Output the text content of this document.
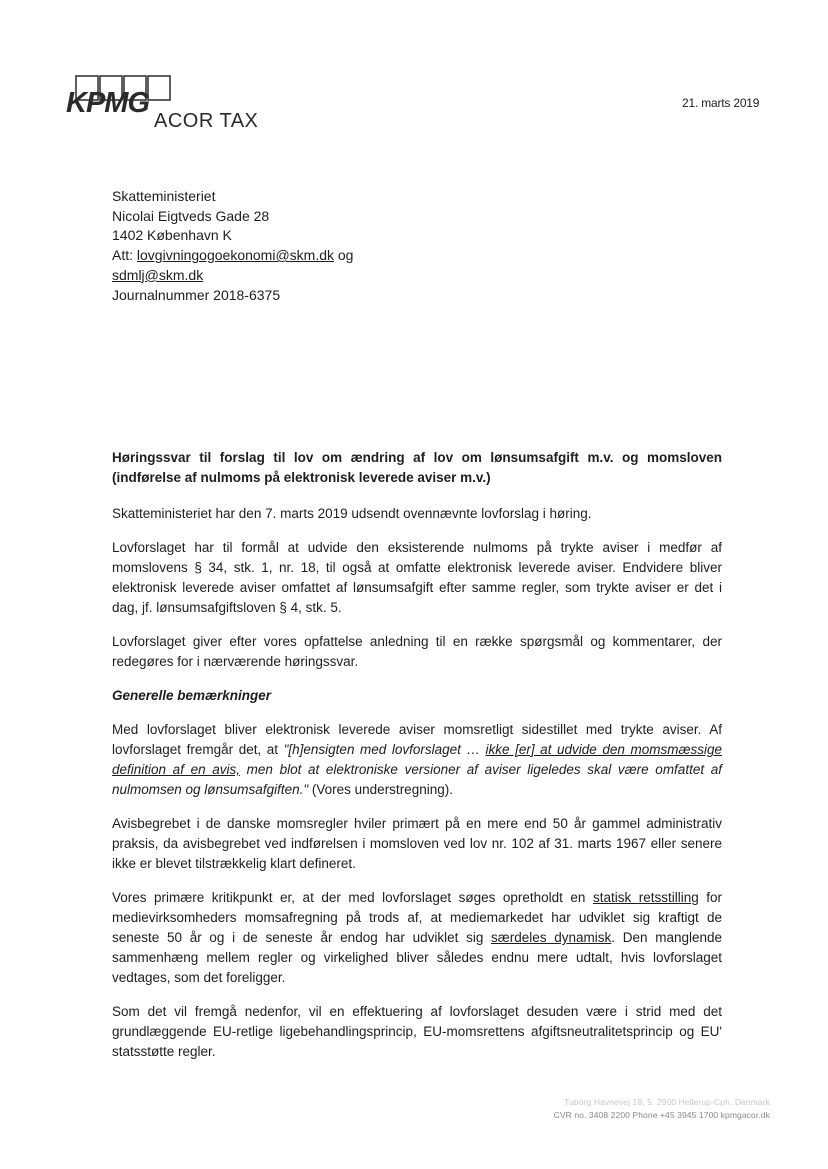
KPMG
ACOR TAX
21. marts 2019
Skatteministeriet
Nicolai Eigtveds Gade 28
1402 København K
Att: lovgivningogoekonomi@skm.dk og
sdmlj@skm.dk
Journalnummer 2018-6375

Høringssvar til forslag til lov om ændring af lov om lønsumsafgift m.v. og momsloven (indførelse af nulmoms på elektronisk leverede aviser m.v.)

Skatteministeriet har den 7. marts 2019 udsendt ovennævnte lovforslag i høring.

Lovforslaget har til formål at udvide den eksisterende nulmoms på trykte aviser i medfør af momslovens § 34, stk. 1, nr. 18, til også at omfatte elektronisk leverede aviser. Endvidere bliver elektronisk leverede aviser omfattet af lønsumsafgift efter samme regler, som trykte aviser er det i dag, jf. lønsumsafgiftsloven § 4, stk. 5.

Lovforslaget giver efter vores opfattelse anledning til en række spørgsmål og kommentarer, der redegøres for i nærværende høringssvar.

Generelle bemærkninger

Med lovforslaget bliver elektronisk leverede aviser momsretligt sidestillet med trykte aviser. Af lovforslaget fremgår det, at "[h]ensigten med lovforslaget … ikke [er] at udvide den momsmæssige definition af en avis, men blot at elektroniske versioner af aviser ligeledes skal være omfattet af nulmomsen og lønsumsafgiften." (Vores understregning).

Avisbegrebet i de danske momsregler hviler primært på en mere end 50 år gammel administrativ praksis, da avisbegrebet ved indførelsen i momsloven ved lov nr. 102 af 31. marts 1967 eller senere ikke er blevet tilstrækkelig klart defineret.

Vores primære kritikpunkt er, at der med lovforslaget søges opretholdt en statisk retsstilling for medievirksomheders momsafregning på trods af, at mediemarkedet har udviklet sig kraftigt de seneste 50 år og i de seneste år endog har udviklet sig særdeles dynamisk. Den manglende sammenhæng mellem regler og virkelighed bliver således endnu mere udtalt, hvis lovforslaget vedtages, som det foreligger.

Som det vil fremgå nedenfor, vil en effektuering af lovforslaget desuden være i strid med det grundlæggende EU-retlige ligebehandlingsprincip, EU-momsrettens afgiftsneutralitetsprincip og EU' statsstøtte regler.

Tuborg Havnevej 18, 5. 2900 Hellerup-Cph. Denmark
CVR no. 3408 2200 Phone +45 3945 1700 kpmgacor.dk
